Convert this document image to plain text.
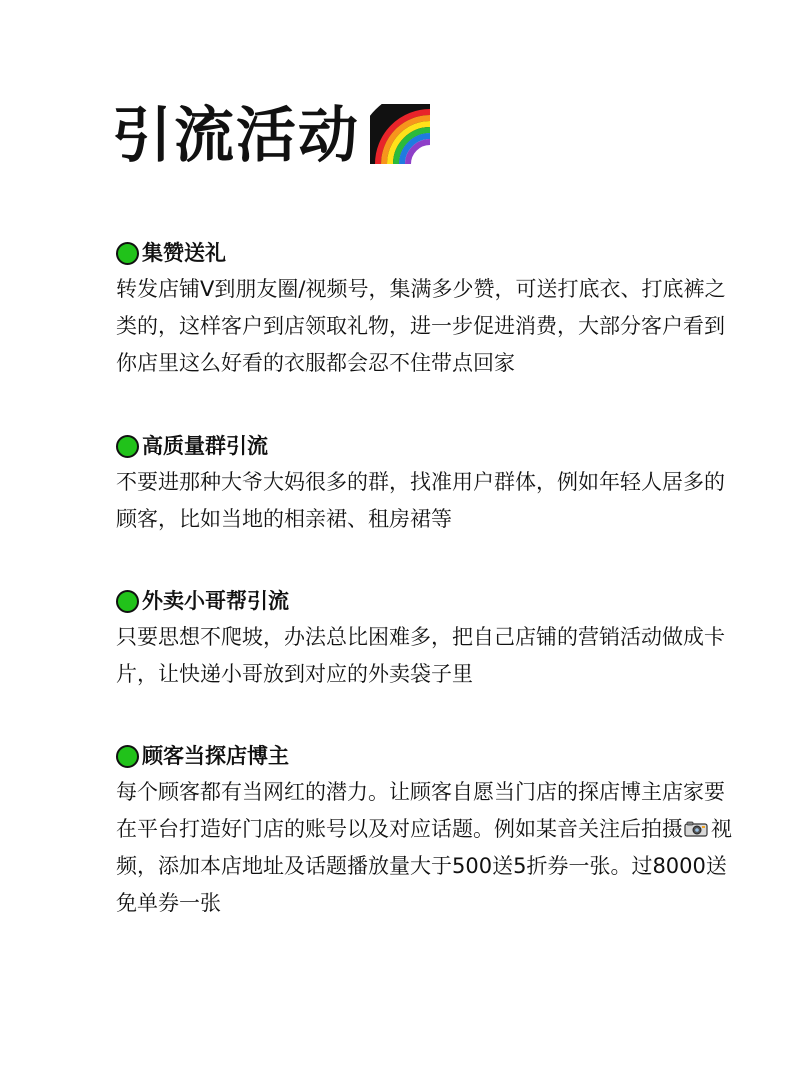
引流活动
集赞送礼

转发店铺V到朋友圈/视频号，集满多少赞，可送打底衣、打底裤之类的，这样客户到店领取礼物，进一步促进消费，大部分客户看到你店里这么好看的衣服都会忍不住带点回家

高质量群引流

不要进那种大爷大妈很多的群，找准用户群体，例如年轻人居多的顾客，比如当地的相亲裙、租房裙等

外卖小哥帮引流

只要思想不爬坡，办法总比困难多，把自己店铺的营销活动做成卡片，让快递小哥放到对应的外卖袋子里

顾客当探店博主

每个顾客都有当网红的潜力。让顾客自愿当门店的探店博主店家要在平台打造好门店的账号以及对应话题。例如某音关注后拍摄 视频，添加本店地址及话题播放量大于500送5折券一张。过8000送免单券一张
